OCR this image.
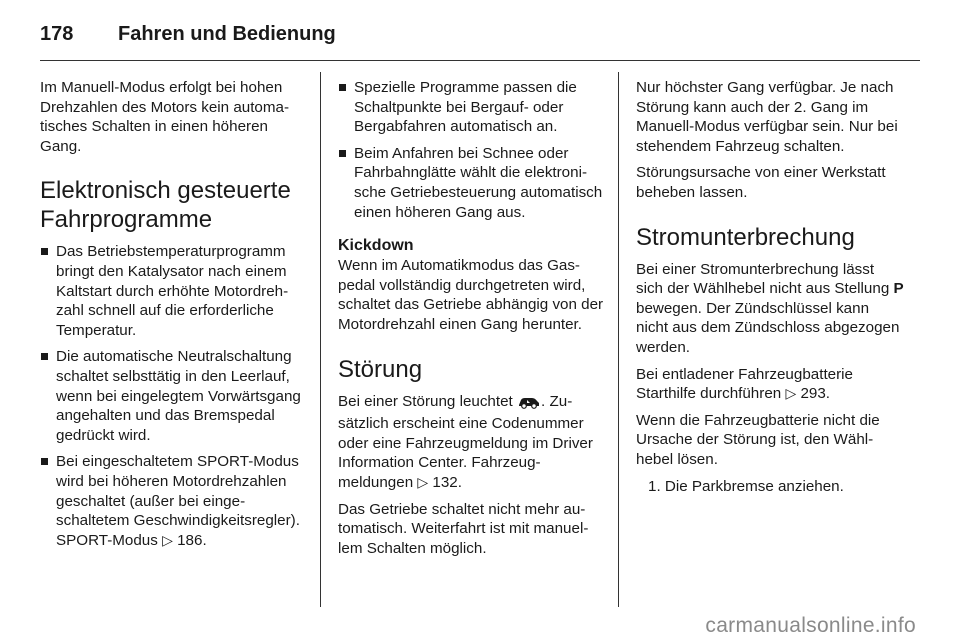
178	Fahren und Bedienung

Im Manuell-Modus erfolgt bei hohen Drehzahlen des Motors kein automatisches Schalten in einen höheren Gang.

Elektronisch gesteuerte Fahrprogramme
Das Betriebstemperaturprogramm bringt den Katalysator nach einem Kaltstart durch erhöhte Motordrehzahl schnell auf die erforderliche Temperatur.
Die automatische Neutralschaltung schaltet selbsttätig in den Leerlauf, wenn bei eingelegtem Vorwärtsgang angehalten und das Bremspedal gedrückt wird.
Bei eingeschaltetem SPORT-Modus wird bei höheren Motordrehzahlen geschaltet (außer bei eingeschaltetem Geschwindigkeitsregler). SPORT-Modus ▷ 186.
Spezielle Programme passen die Schaltpunkte bei Bergauf- oder Bergabfahren automatisch an.
Beim Anfahren bei Schnee oder Fahrbahnglätte wählt die elektronische Getriebesteuerung automatisch einen höheren Gang aus.
Kickdown

Wenn im Automatikmodus das Gaspedal vollständig durchgetreten wird, schaltet das Getriebe abhängig von der Motordrehzahl einen Gang herunter.

Störung

Bei einer Störung leuchtet . Zusätzlich erscheint eine Codenummer oder eine Fahrzeugmeldung im Driver Information Center. Fahrzeugmeldungen ▷ 132.

Das Getriebe schaltet nicht mehr automatisch. Weiterfahrt ist mit manuellem Schalten möglich.

Nur höchster Gang verfügbar. Je nach Störung kann auch der 2. Gang im Manuell-Modus verfügbar sein. Nur bei stehendem Fahrzeug schalten.

Störungsursache von einer Werkstatt beheben lassen.

Stromunterbrechung

Bei einer Stromunterbrechung lässt sich der Wählhebel nicht aus Stellung P bewegen. Der Zündschlüssel kann nicht aus dem Zündschloss abgezogen werden.

Bei entladener Fahrzeugbatterie Starthilfe durchführen ▷ 293.

Wenn die Fahrzeugbatterie nicht die Ursache der Störung ist, den Wählhebel lösen.

1. Die Parkbremse anziehen.
carmanualsonline.info
